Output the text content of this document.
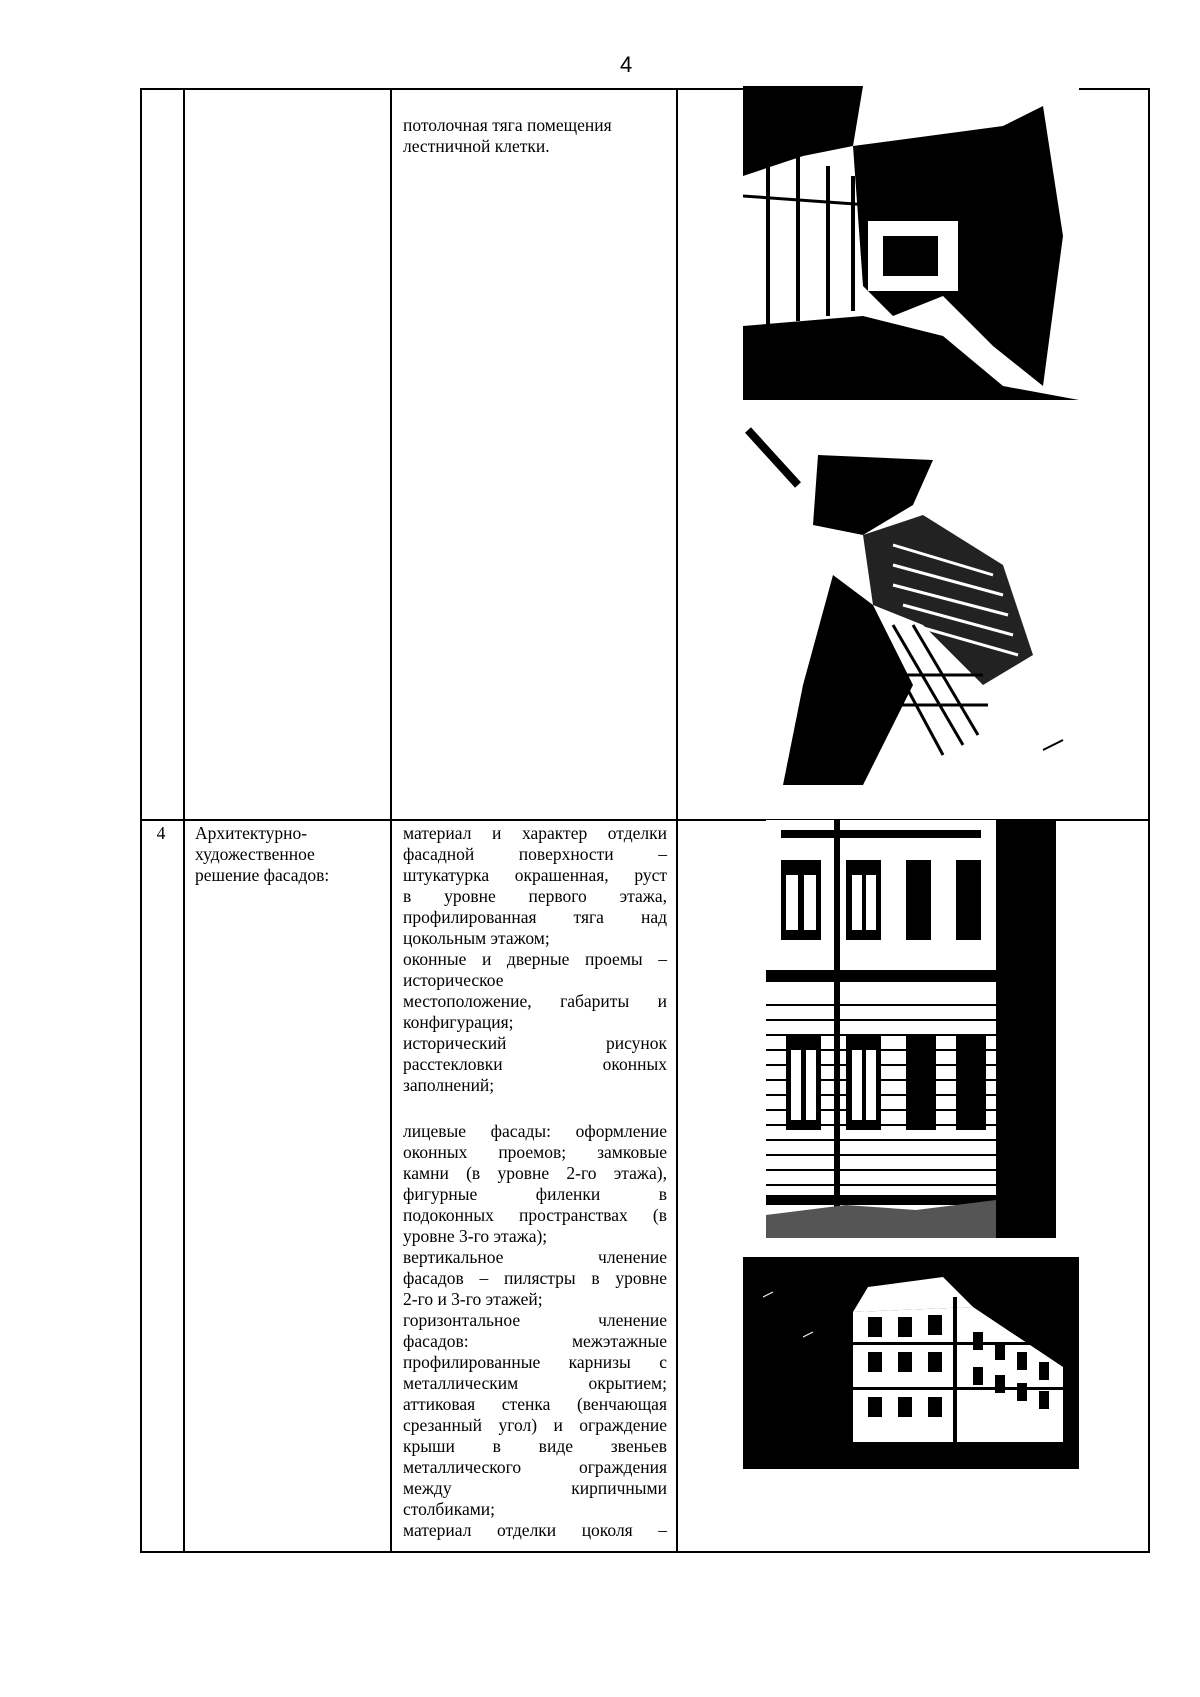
4
потолочная тяга помещения
лестничной клетки.
4	Архитектурно-
художественное
решение фасадов:
материал и характер отделки
фасадной поверхности –
штукатурка окрашенная, руст
в уровне первого этажа,
профилированная тяга над
цокольным этажом;
оконные и дверные проемы –
историческое
местоположение, габариты и
конфигурация;
исторический рисунок
расстекловки оконных
заполнений;
лицевые фасады: оформление
оконных проемов; замковые
камни (в уровне 2-го этажа),
фигурные филенки в
подоконных пространствах (в
уровне 3-го этажа);
вертикальное членение
фасадов – пилястры в уровне
2-го и 3-го этажей;
горизонтальное членение
фасадов: межэтажные
профилированные карнизы с
металлическим окрытием;
аттиковая стенка (венчающая
срезанный угол) и ограждение
крыши в виде звеньев
металлического ограждения
между кирпичными
столбиками;
материал отделки цоколя –
